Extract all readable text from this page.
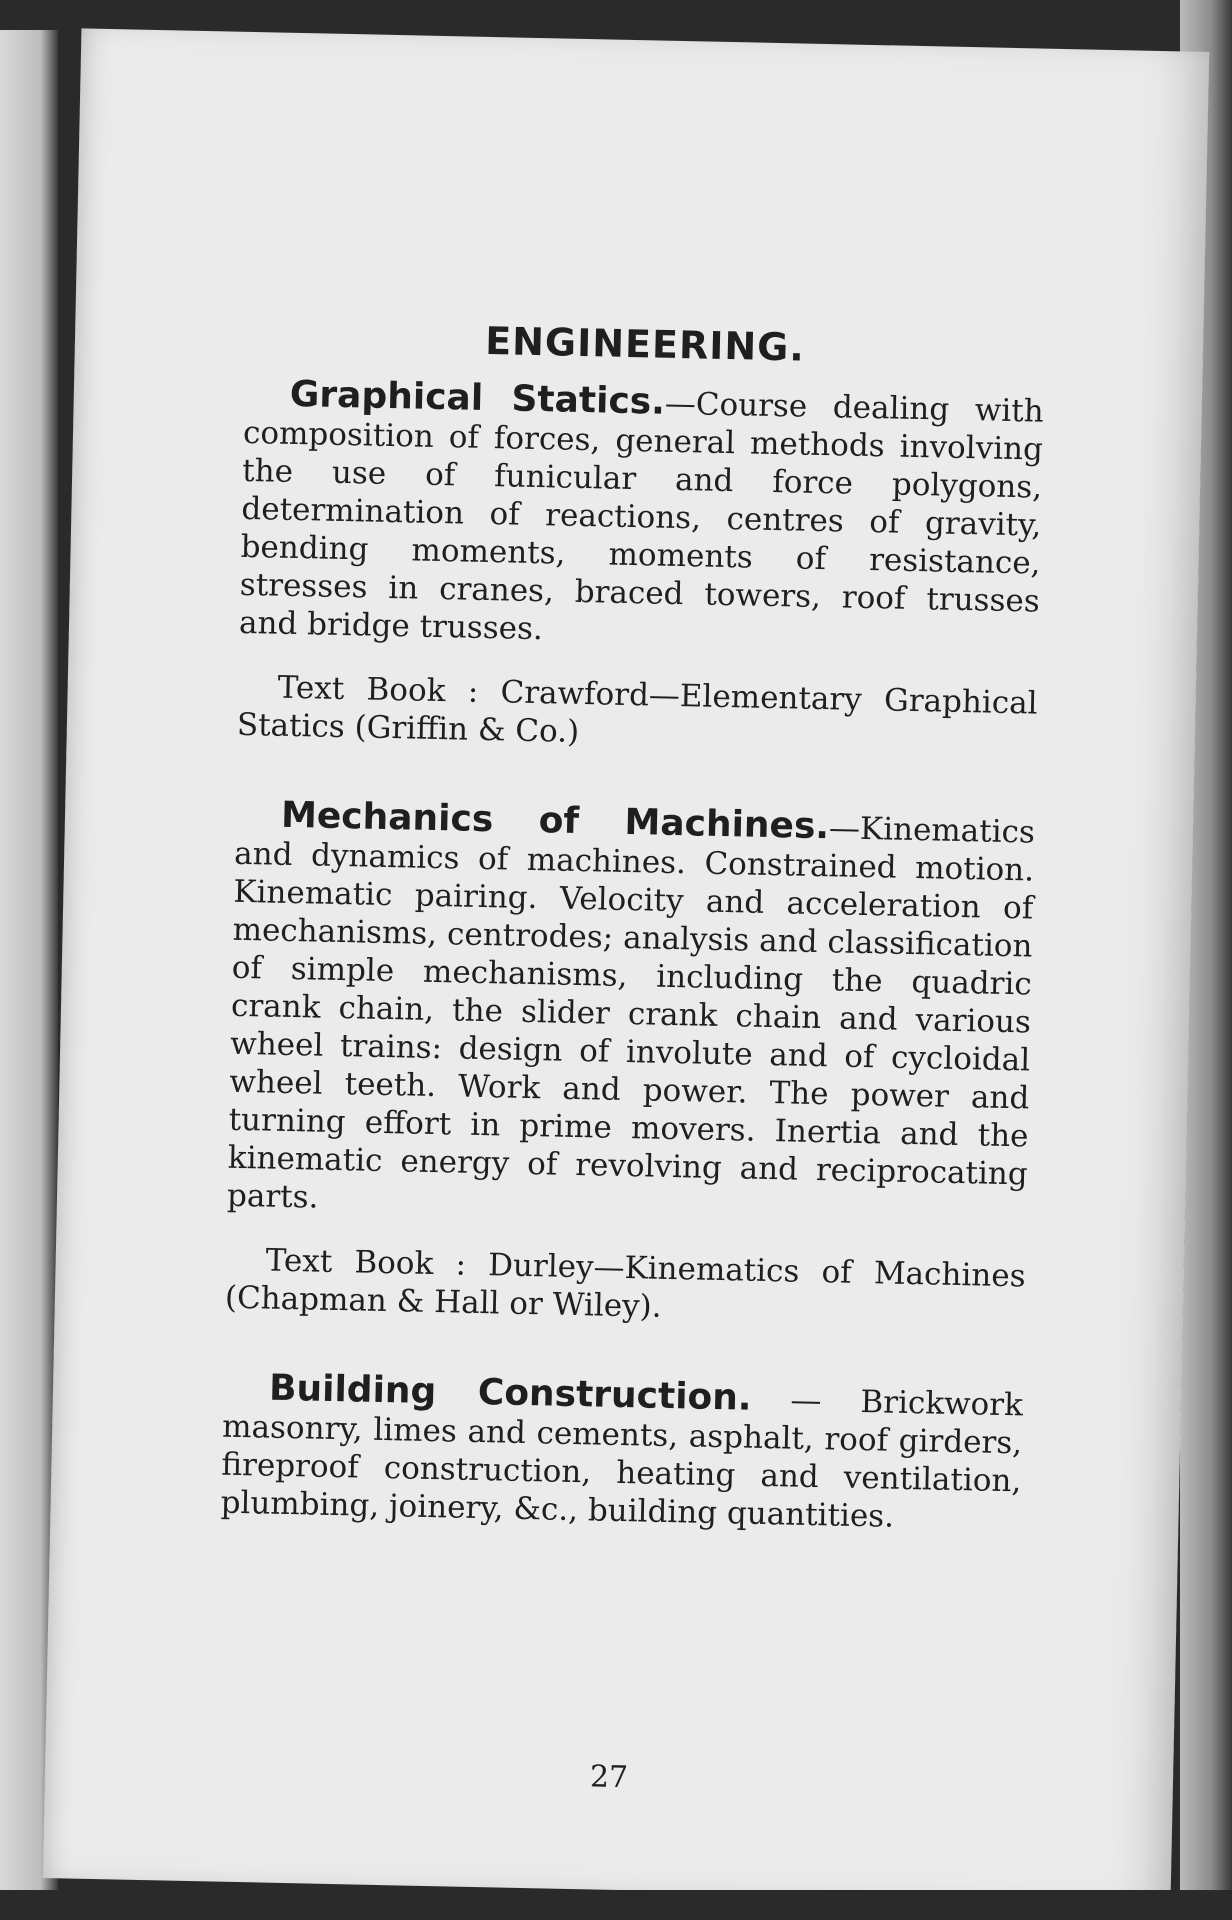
ENGINEERING.

Graphical Statics.—Course dealing with composition of forces, general methods involving the use of funicular and force polygons, determination of reactions, centres of gravity, bending moments, moments of resistance, stresses in cranes, braced towers, roof trusses and bridge trusses.

Text Book : Crawford—Elementary Graphical Statics (Griffin & Co.)

Mechanics of Machines.—Kinematics and dynamics of machines. Constrained motion. Kinematic pairing. Velocity and acceleration of mechanisms, centrodes; analysis and classification of simple mechanisms, including the quadric crank chain, the slider crank chain and various wheel trains: design of involute and of cycloidal wheel teeth. Work and power. The power and turning effort in prime movers. Inertia and the kinematic energy of revolving and reciprocating parts.

Text Book : Durley—Kinematics of Machines (Chapman & Hall or Wiley).

Building Construction. — Brickwork masonry, limes and cements, asphalt, roof girders, fireproof construction, heating and ventilation, plumbing, joinery, &c., building quantities.

27
